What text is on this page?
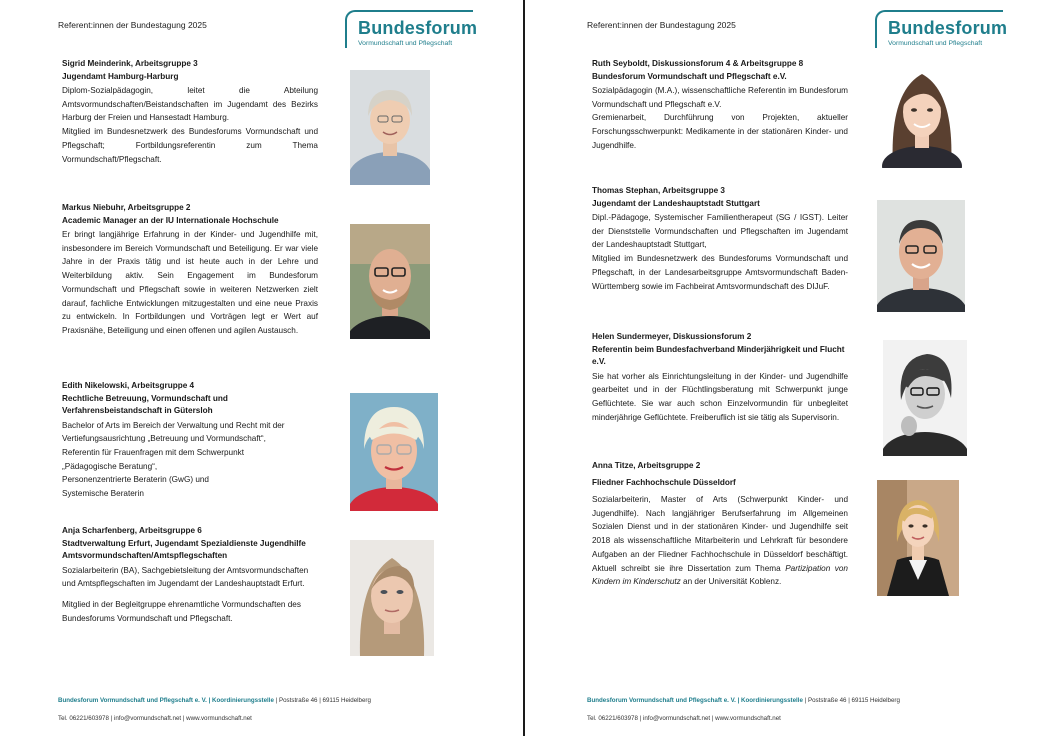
Referent:innen der Bundestagung 2025	Bundesforum
Vormundschaft und Pflegschaft
Sigrid Meinderink, Arbeitsgruppe 3
Jugendamt Hamburg-Harburg

Diplom-Sozialpädagogin, leitet die Abteilung Amtsvormundschaften/Beistandschaften im Jugendamt des Bezirks Harburg der Freien und Hansestadt Hamburg.

Mitglied im Bundesnetzwerk des Bundesforums Vormundschaft und Pflegschaft; Fortbildungsreferentin zum Thema Vormundschaft/Pflegschaft.

Markus Niebuhr, Arbeitsgruppe 2
Academic Manager an der IU Internationale Hochschule

Er bringt langjährige Erfahrung in der Kinder- und Jugendhilfe mit, insbesondere im Bereich Vormundschaft und Beteiligung. Er war viele Jahre in der Praxis tätig und ist heute auch in der Lehre und Weiterbildung aktiv. Sein Engagement im Bundesforum Vormundschaft und Pflegschaft sowie in weiteren Netzwerken zielt darauf, fachliche Entwicklungen mitzugestalten und eine neue Praxis zu entwickeln. In Fortbildungen und Vorträgen legt er Wert auf Praxisnähe, Beteiligung und einen offenen und agilen Austausch.

Edith Nikelowski, Arbeitsgruppe 4
Rechtliche Betreuung, Vormundschaft und Verfahrensbeistandschaft in Gütersloh

Bachelor of Arts im Bereich der Verwaltung und Recht mit der Vertiefungsausrichtung „Betreuung und Vormundschaft“,

Referentin für Frauenfragen mit dem Schwerpunkt

„Pädagogische Beratung“,

Personenzentrierte Beraterin (GwG) und

Systemische Beraterin

Anja Scharfenberg, Arbeitsgruppe 6
Stadtverwaltung Erfurt, Jugendamt Spezialdienste Jugendhilfe Amtsvormundschaften/Amtspflegschaften

Sozialarbeiterin (BA), Sachgebietsleitung der Amtsvormundschaften und Amtspflegschaften im Jugendamt der Landeshauptstadt Erfurt.

Mitglied in der Begleitgruppe ehrenamtliche Vormundschaften des Bundesforums Vormundschaft und Pflegschaft.

Bundesforum Vormundschaft und Pflegschaft e. V. | Koordinierungsstelle | Poststraße 46 | 69115 Heidelberg
Tel. 06221/603978 | info@vormundschaft.net | www.vormundschaft.net
Referent:innen der Bundestagung 2025	Bundesforum
Vormundschaft und Pflegschaft
Ruth Seyboldt, Diskussionsforum 4 & Arbeitsgruppe 8
Bundesforum Vormundschaft und Pflegschaft e.V.

Sozialpädagogin (M.A.), wissenschaftliche Referentin im Bundesforum Vormundschaft und Pflegschaft e.V.

Gremienarbeit, Durchführung von Projekten, aktueller Forschungsschwerpunkt: Medikamente in der stationären Kinder- und Jugendhilfe.

Thomas Stephan, Arbeitsgruppe 3
Jugendamt der Landeshauptstadt Stuttgart

Dipl.-Pädagoge, Systemischer Familientherapeut (SG / IGST). Leiter der Dienststelle Vormundschaften und Pflegschaften im Jugendamt der Landeshauptstadt Stuttgart,

Mitglied im Bundesnetzwerk des Bundesforums Vormundschaft und Pflegschaft, in der Landesarbeitsgruppe Amtsvormundschaft Baden-Württemberg sowie im Fachbeirat Amtsvormundschaft des DIJuF.

Helen Sundermeyer, Diskussionsforum 2
Referentin beim Bundesfachverband Minderjährigkeit und Flucht e.V.

Sie hat vorher als Einrichtungsleitung in der Kinder- und Jugendhilfe gearbeitet und in der Flüchtlingsberatung mit Schwerpunkt junge Geflüchtete. Sie war auch schon Einzelvormundin für unbegleitet minderjährige Geflüchtete. Freiberuflich ist sie tätig als Supervisorin.

Anna Titze, Arbeitsgruppe 2
Fliedner Fachhochschule Düsseldorf

Sozialarbeiterin, Master of Arts (Schwerpunkt Kinder- und Jugendhilfe). Nach langjähriger Berufserfahrung im Allgemeinen Sozialen Dienst und in der stationären Kinder- und Jugendhilfe seit 2018 als wissenschaftliche Mitarbeiterin und Lehrkraft für besondere Aufgaben an der Fliedner Fachhochschule in Düsseldorf beschäftigt. Aktuell schreibt sie ihre Dissertation zum Thema Partizipation von Kindern im Kinderschutz an der Universität Koblenz.

Bundesforum Vormundschaft und Pflegschaft e. V. | Koordinierungsstelle | Poststraße 46 | 69115 Heidelberg
Tel. 06221/603978 | info@vormundschaft.net | www.vormundschaft.net
